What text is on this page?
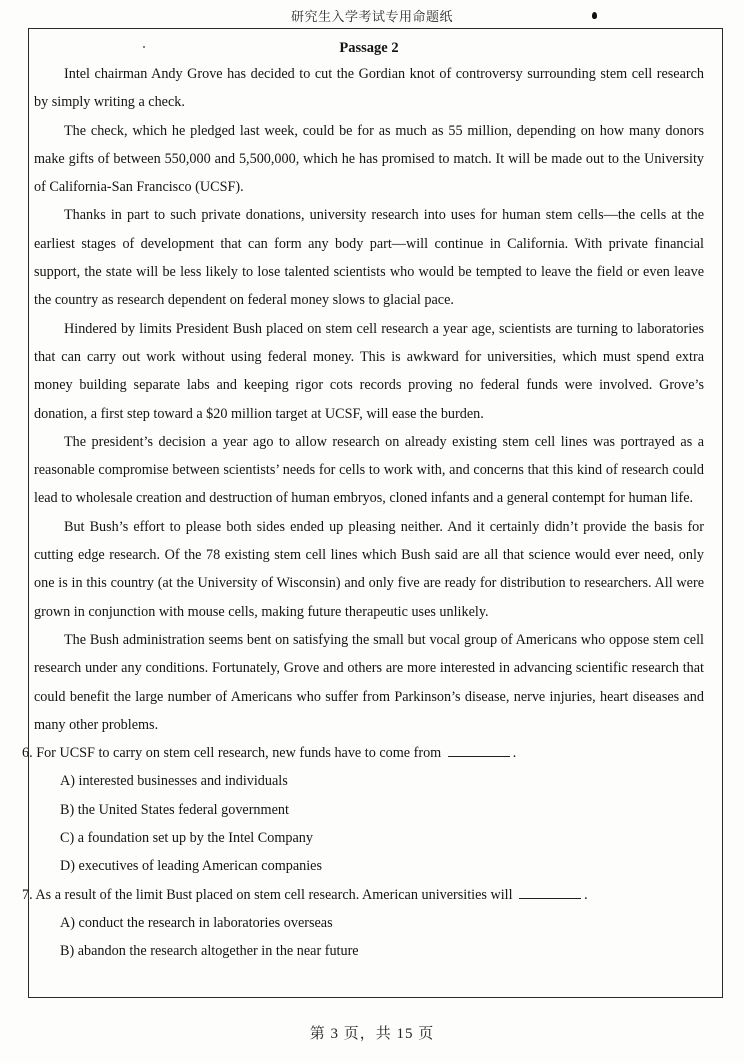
研究生入学考试专用命题纸
Passage 2

Intel chairman Andy Grove has decided to cut the Gordian knot of controversy surrounding stem cell research by simply writing a check.

The check, which he pledged last week, could be for as much as 55 million, depending on how many donors make gifts of between 550,000 and 5,500,000, which he has promised to match. It will be made out to the University of California-San Francisco (UCSF).

Thanks in part to such private donations, university research into uses for human stem cells—the cells at the earliest stages of development that can form any body part—will continue in California. With private financial support, the state will be less likely to lose talented scientists who would be tempted to leave the field or even leave the country as research dependent on federal money slows to glacial pace.

Hindered by limits President Bush placed on stem cell research a year age, scientists are turning to laboratories that can carry out work without using federal money. This is awkward for universities, which must spend extra money building separate labs and keeping rigor cots records proving no federal funds were involved. Grove’s donation, a first step toward a $20 million target at UCSF, will ease the burden.

The president’s decision a year ago to allow research on already existing stem cell lines was portrayed as a reasonable compromise between scientists’ needs for cells to work with, and concerns that this kind of research could lead to wholesale creation and destruction of human embryos, cloned infants and a general contempt for human life.

But Bush’s effort to please both sides ended up pleasing neither. And it certainly didn’t provide the basis for cutting edge research. Of the 78 existing stem cell lines which Bush said are all that science would ever need, only one is in this country (at the University of Wisconsin) and only five are ready for distribution to researchers. All were grown in conjunction with mouse cells, making future therapeutic uses unlikely.

The Bush administration seems bent on satisfying the small but vocal group of Americans who oppose stem cell research under any conditions. Fortunately, Grove and others are more interested in advancing scientific research that could benefit the large number of Americans who suffer from Parkinson’s disease, nerve injuries, heart diseases and many other problems.

6. For UCSF to carry on stem cell research, new funds have to come from	.

A) interested businesses and individuals

B) the United States federal government

C) a foundation set up by the Intel Company

D) executives of leading American companies

7. As a result of the limit Bust placed on stem cell research. American universities will	.

A) conduct the research in laboratories overseas

B) abandon the research altogether in the near future

第 3 页，共 15 页
